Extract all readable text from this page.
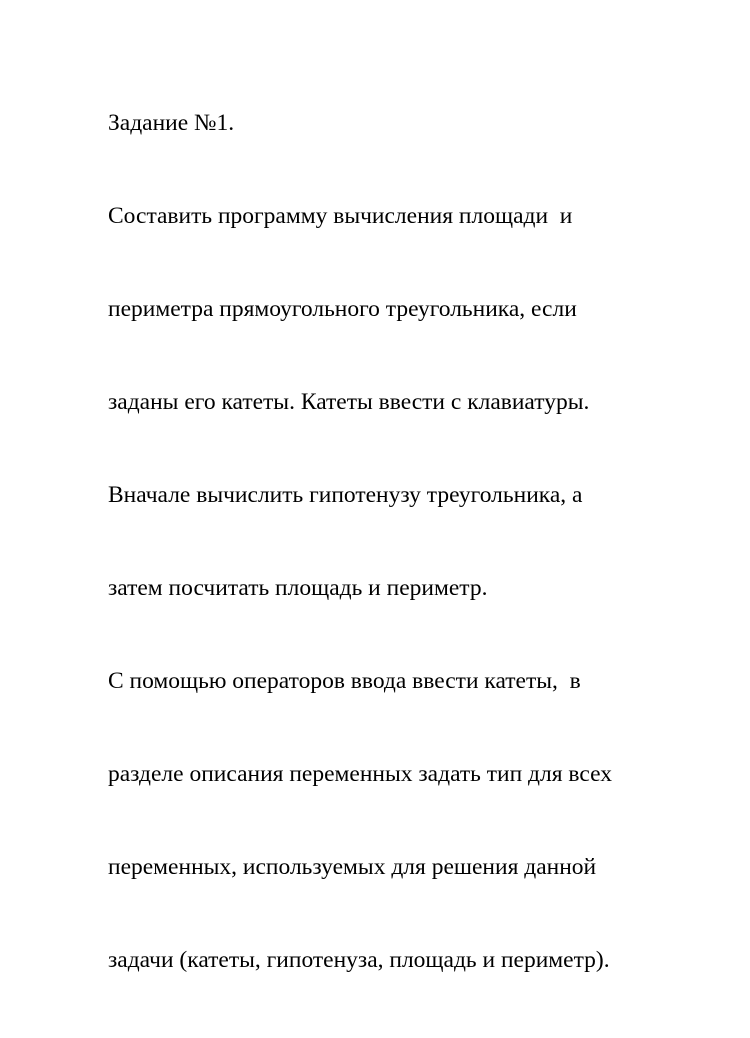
Задание №1.

Составить программу вычисления площади  и

периметра прямоугольного треугольника, если

заданы его катеты. Катеты ввести с клавиатуры.

Вначале вычислить гипотенузу треугольника, а

затем посчитать площадь и периметр.

С помощью операторов ввода ввести катеты,  в

разделе описания переменных задать тип для всех

переменных, используемых для решения данной

задачи (катеты, гипотенуза, площадь и периметр).
